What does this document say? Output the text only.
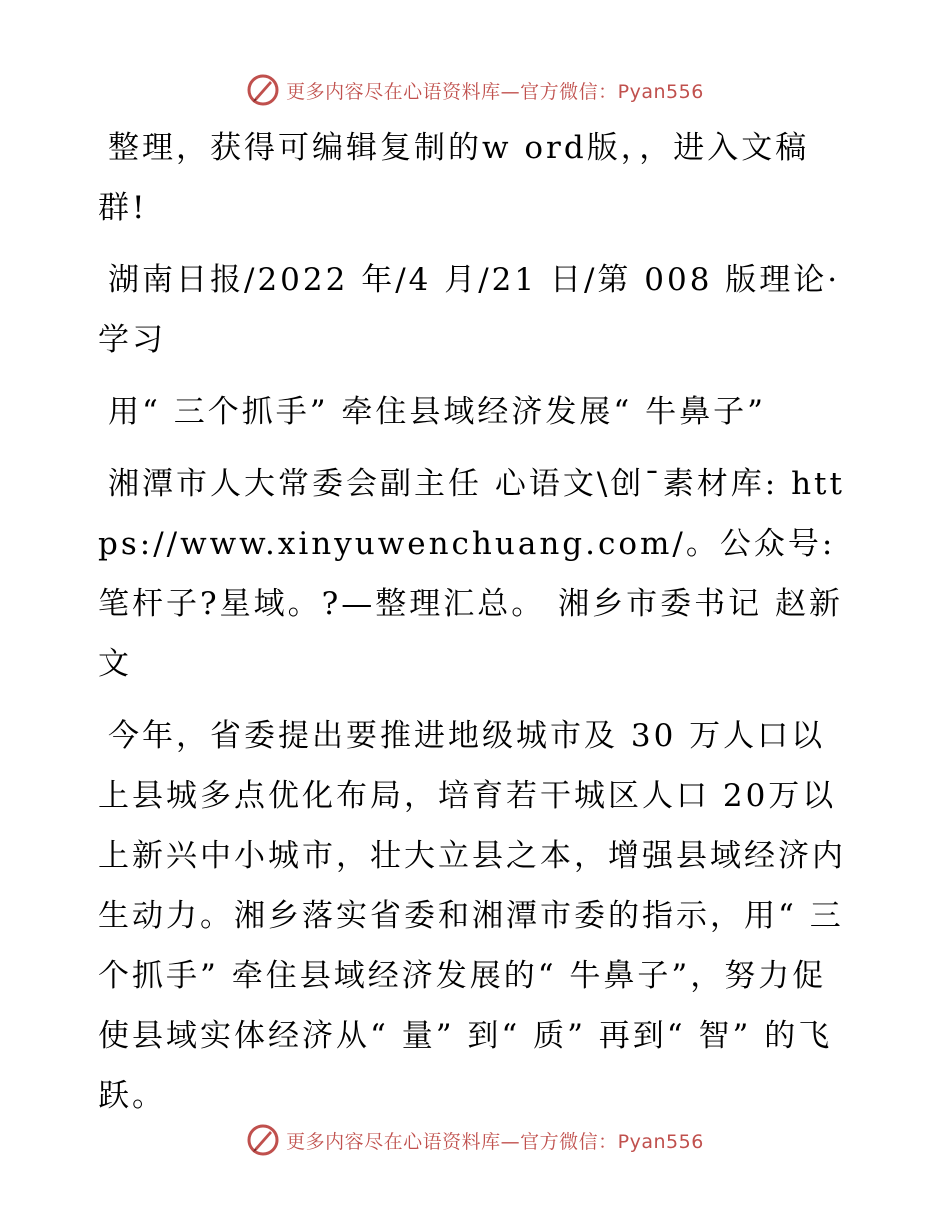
更多内容尽在心语资料库—官方微信：Pyan556

整理，获得可编辑复制的w ord版，，进入文稿群!

湖南日报/2022 年/4 月/21 日/第 008 版理论·学习

用“ 三个抓手” 牵住县域经济发展“ 牛鼻子”

湘潭市人大常委会副主任 心语文\创¯素材库: https://www.xinyuwenchuang.com/。公众号: 笔杆子?星域。?—整理汇总。 湘乡市委书记 赵新文

今年，省委提出要推进地级城市及 30 万人口以上县城多点优化布局，培育若干城区人口 20万以上新兴中小城市，壮大立县之本，增强县域经济内生动力。湘乡落实省委和湘潭市委的指示，用“ 三个抓手” 牵住县域经济发展的“ 牛鼻子”，努力促使县域实体经济从“ 量” 到“ 质” 再到“ 智” 的飞跃。

更多内容尽在心语资料库—官方微信：Pyan556
